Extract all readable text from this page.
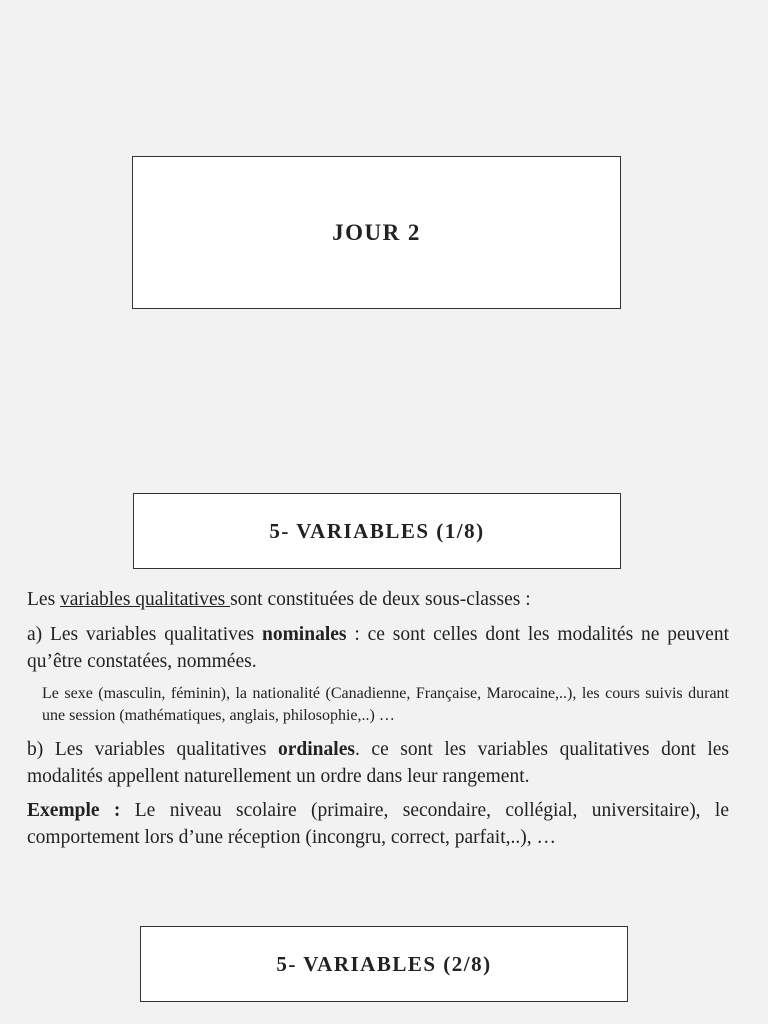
JOUR 2
5- VARIABLES (1/8)

Les variables qualitatives sont constituées de deux sous-classes :

a) Les variables qualitatives nominales : ce sont celles dont les modalités ne peuvent qu’être constatées, nommées.

Le sexe (masculin, féminin), la nationalité (Canadienne, Française, Marocaine,..), les cours suivis durant une session (mathématiques, anglais, philosophie,..) …

b) Les variables qualitatives ordinales. ce sont les variables qualitatives dont les modalités appellent naturellement un ordre dans leur rangement.

Exemple : Le niveau scolaire (primaire, secondaire, collégial, universitaire), le comportement lors d’une réception (incongru, correct, parfait,..), …

5- VARIABLES (2/8)
